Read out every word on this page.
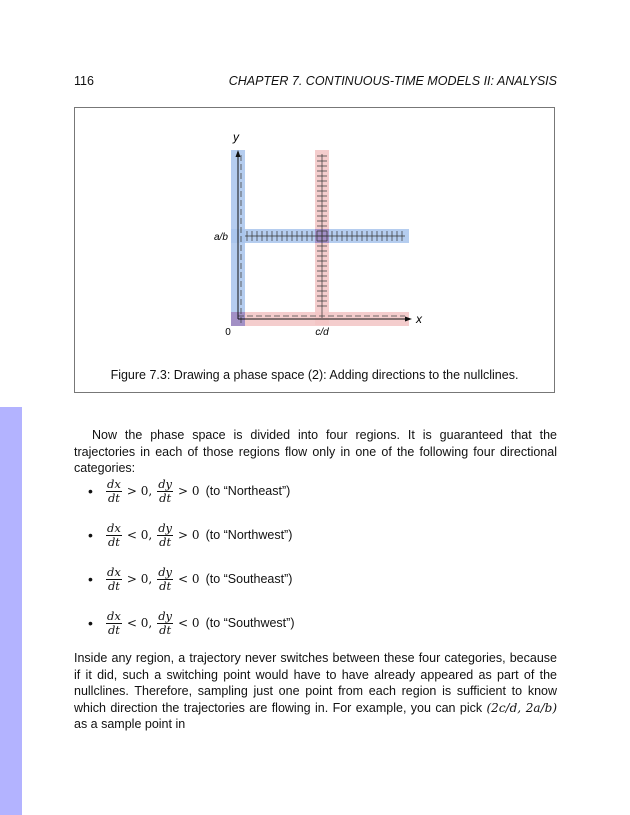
116	CHAPTER 7. CONTINUOUS-TIME MODELS II: ANALYSIS
y
x
0
a/b
c/d
Figure 7.3: Drawing a phase space (2): Adding directions to the nullclines.
Now the phase space is divided into four regions. It is guaranteed that the trajectories in each of those regions flow only in one of the following four directional categories:
•	$\frac{dx}{dt} > 0$, $\frac{dy}{dt} > 0$ (to “Northeast”)
•	$\frac{dx}{dt} < 0$, $\frac{dy}{dt} > 0$ (to “Northwest”)
•	$\frac{dx}{dt} > 0$, $\frac{dy}{dt} < 0$ (to “Southeast”)
•	$\frac{dx}{dt} < 0$, $\frac{dy}{dt} < 0$ (to “Southwest”)
Inside any region, a trajectory never switches between these four categories, because if it did, such a switching point would have to have already appeared as part of the nullclines. Therefore, sampling just one point from each region is sufficient to know which direction the trajectories are flowing in. For example, you can pick (2c/d, 2a/b) as a sample point in
